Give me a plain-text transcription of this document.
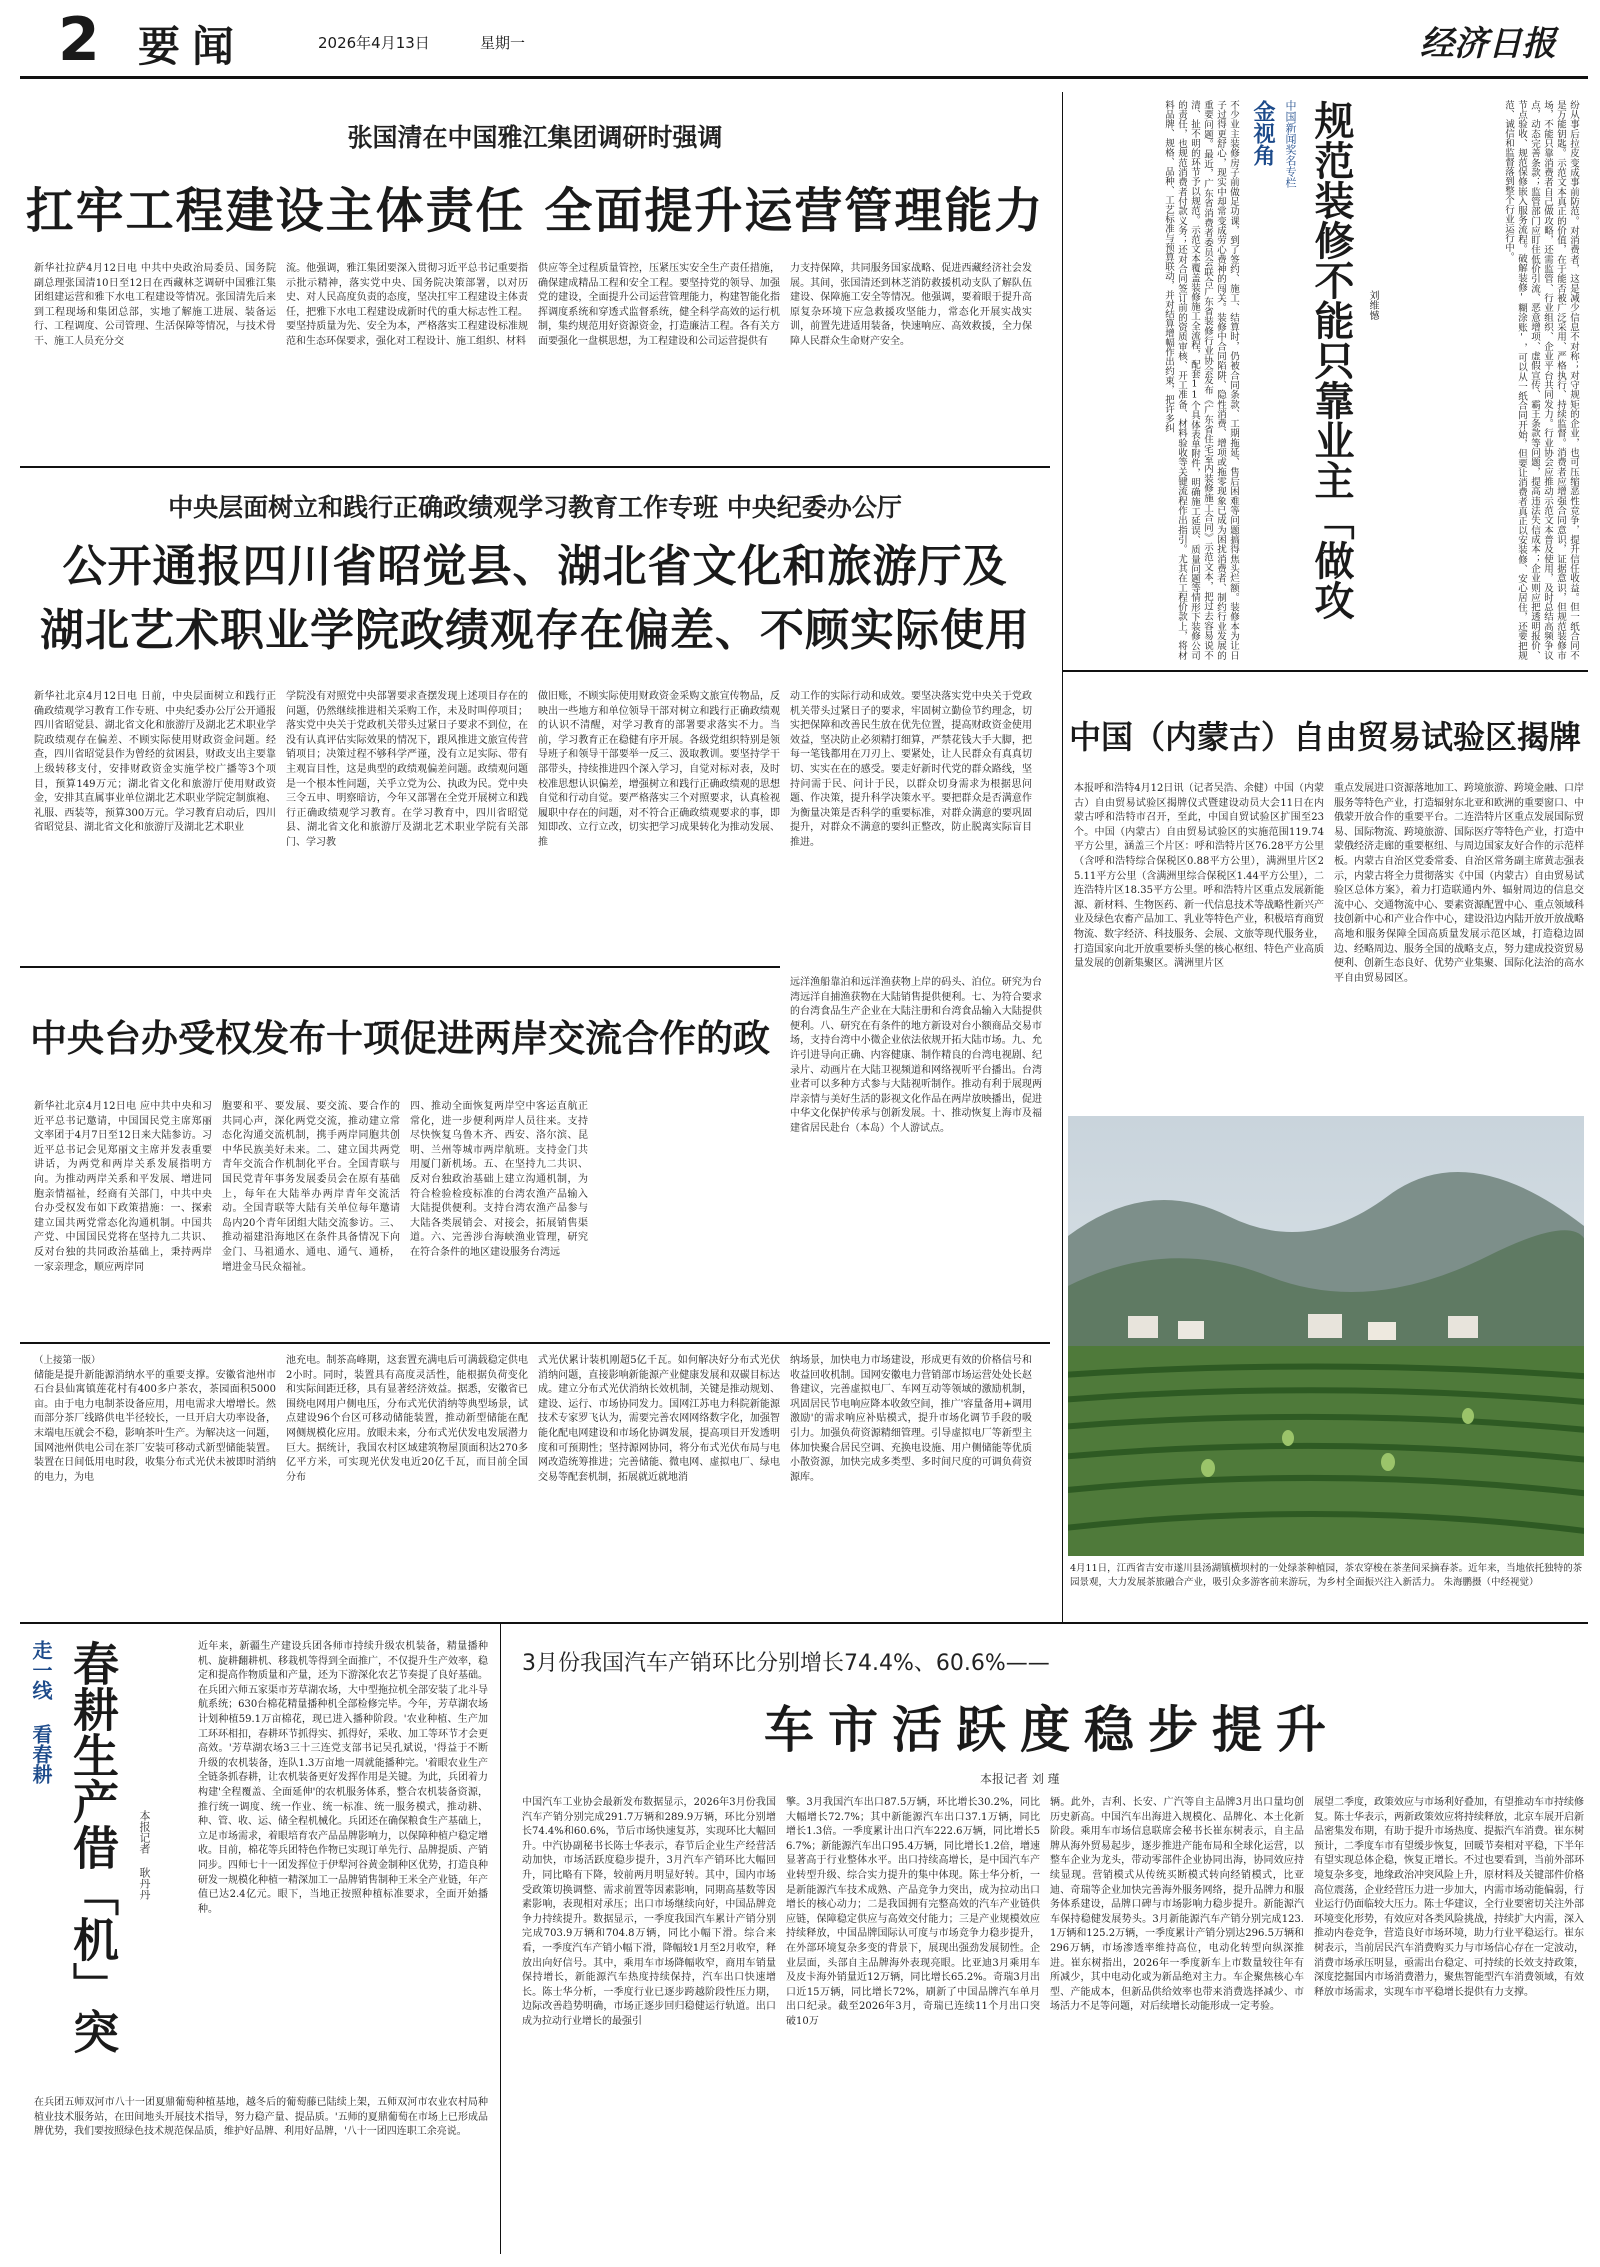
2 要闻	2026年4月13日	星期一	经济日报
张国清在中国雅江集团调研时强调
扛牢工程建设主体责任 全面提升运营管理能力
新华社拉萨4月12日电 中共中央政治局委员、国务院副总理张国清10日至12日在西藏林芝调研中国雅江集团组建运营和雅下水电工程建设等情况。张国清先后来到工程现场和集团总部，实地了解施工进展、装备运行、工程调度、公司管理、生活保障等情况，与技术骨干、施工人员充分交
流。他强调，雅江集团要深入贯彻习近平总书记重要指示批示精神，落实党中央、国务院决策部署，以对历史、对人民高度负责的态度，坚决扛牢工程建设主体责任，把雅下水电工程建设成新时代的重大标志性工程。要坚持质量为先、安全为本，严格落实工程建设标准规范和生态环保要求，强化对工程设计、施工组织、材料
供应等全过程质量管控，压紧压实安全生产责任措施，确保建成精品工程和安全工程。要坚持党的领导、加强党的建设，全面提升公司运营管理能力，构建智能化指挥调度系统和穿透式监督系统，健全科学高效的运行机制，集约规范用好资源资金，打造廉洁工程。各有关方面要强化一盘棋思想，为工程建设和公司运营提供有
力支持保障，共同服务国家战略、促进西藏经济社会发展。其间，张国清还到林芝消防救援机动支队了解队伍建设、保障施工安全等情况。他强调，要着眼于提升高原复杂环境下应急救援攻坚能力，常态化开展实战实训，前置先进适用装备，快速响应、高效救援，全力保障人民群众生命财产安全。
中央层面树立和践行正确政绩观学习教育工作专班 中央纪委办公厅
公开通报四川省昭觉县、湖北省文化和旅游厅及
湖北艺术职业学院政绩观存在偏差、不顾实际使用
新华社北京4月12日电 日前，中央层面树立和践行正确政绩观学习教育工作专班、中央纪委办公厅公开通报四川省昭觉县、湖北省文化和旅游厅及湖北艺术职业学院政绩观存在偏差、不顾实际使用财政资金问题。经查，四川省昭觉县作为曾经的贫困县，财政支出主要靠上级转移支付，安排财政资金实施学校广播等3个项目，预算149万元；湖北省文化和旅游厅使用财政资金，安排其直属事业单位湖北艺术职业学院定制旗袍、礼服、西装等，预算300万元。学习教育启动后，四川省昭觉县、湖北省文化和旅游厅及湖北艺术职业
学院没有对照党中央部署要求查摆发现上述项目存在的问题，仍然继续推进相关采购工作，未及时叫停项目；落实党中央关于党政机关带头过紧日子要求不到位，在没有认真评估实际效果的情况下，跟风推进文旅宣传营销项目；决策过程不够科学严谨，没有立足实际、带有主观盲目性，这是典型的政绩观偏差问题。政绩观问题是一个根本性问题，关乎立党为公、执政为民。党中央三令五申、明察暗访，今年又部署在全党开展树立和践行正确政绩观学习教育。在学习教育中，四川省昭觉县、湖北省文化和旅游厅及湖北艺术职业学院有关部门、学习教
做旧账，不顾实际使用财政资金采购文旅宣传物品，反映出一些地方和单位领导干部对树立和践行正确政绩观的认识不清醒，对学习教育的部署要求落实不力。当前，学习教育正在稳健有序开展。各级党组织特别是领导班子和领导干部要举一反三、汲取教训。要坚持学干部带头，持续推进四个深入学习，自觉对标对表，及时校准思想认识偏差，增强树立和践行正确政绩观的思想自觉和行动自觉。要严格落实三个对照要求，认真检视履职中存在的问题，对不符合正确政绩观要求的事，即知即改、立行立改，切实把学习成果转化为推动发展、推
动工作的实际行动和成效。要坚决落实党中央关于党政机关带头过紧日子的要求，牢固树立勤俭节约理念，切实把保障和改善民生放在优先位置，提高财政资金使用效益，坚决防止必须精打细算，严禁花钱大手大脚，把每一笔钱都用在刀刃上、要紧处，让人民群众有真真切切、实实在在的感受。要走好新时代党的群众路线，坚持问需于民、问计于民，以群众切身需求为根据思问题、作决策，提升科学决策水平。要把群众是否满意作为衡量决策是否科学的重要标准，对群众满意的要巩固提升，对群众不满意的要纠正整改，防止脱离实际盲目推进。
中央台办受权发布十项促进两岸交流合作的政
新华社北京4月12日电 应中共中央和习近平总书记邀请，中国国民党主席郑丽文率团于4月7日至12日来大陆参访。习近平总书记会见郑丽文主席并发表重要讲话，为两党和两岸关系发展指明方向。为推动两岸关系和平发展、增进同胞亲情福祉，经商有关部门，中共中央台办受权发布如下政策措施：一、探索建立国共两党常态化沟通机制。中国共产党、中国国民党将在坚持九二共识、反对台独的共同政治基础上，秉持两岸一家亲理念，顺应两岸同
胞要和平、要发展、要交流、要合作的共同心声，深化两党交流，推动建立常态化沟通交流机制，携手两岸同胞共创中华民族美好未来。二、建立国共两党青年交流合作机制化平台。全国青联与国民党青年事务发展委员会在原有基础上，每年在大陆举办两岸青年交流活动。全国青联等大陆有关单位每年邀请岛内20个青年团组大陆交流参访。三、推动福建沿海地区在条件具备情况下向金门、马祖通水、通电、通气、通桥，增进金马民众福祉。
四、推动全面恢复两岸空中客运直航正常化，进一步便利两岸人员往来。支持尽快恢复乌鲁木齐、西安、洛尔滨、昆明、兰州等城市两岸航班。支持金门共用厦门新机场。五、在坚持九二共识、反对台独政治基础上建立沟通机制，为符合检验检疫标准的台湾农渔产品输入大陆提供便利。支持台湾农渔产品参与大陆各类展销会、对接会，拓展销售渠道。六、完善涉台海峡渔业管理，研究在符合条件的地区建设服务台湾远
远洋渔船靠泊和远洋渔获物上岸的码头、泊位。研究为台湾远洋自捕渔获物在大陆销售提供便利。七、为符合要求的台湾食品生产企业在大陆注册和台湾食品输入大陆提供便利。八、研究在有条件的地方新设对台小额商品交易市场，支持台湾中小微企业依法依规开拓大陆市场。九、允许引进导向正确、内容健康、制作精良的台湾电视剧、纪录片、动画片在大陆卫视频道和网络视听平台播出。台湾业者可以多种方式参与大陆视听制作。推动有利于展现两岸亲情与美好生活的影视文化作品在两岸放映播出，促进中华文化保护传承与创新发展。十、推动恢复上海市及福建省居民赴台（本岛）个人游试点。
（上接第一版）
储能是提升新能源消纳水平的重要支撑。安徽省池州市石台县仙寓镇莲花村有400多户茶农，茶园面积5000亩。由于电力电制茶设备应用，用电需求大增增长。然而部分茶厂线路供电半径较长，一旦开启大功率设备，末端电压就会不稳，影响茶叶生产。为解决这一问题，国网池州供电公司在茶厂安装可移动式新型储能装置。装置在日间低用电时段，收集分布式光伏未被即时消纳的电力，为电
池充电。制茶高峰期，这套置充满电后可满载稳定供电2小时。同时，装置具有高度灵活性，能根据负荷变化和实际间距迁移，具有显著经济效益。据悉，安徽省已围绕电网用户侧电压，分布式光伏消纳等典型场景，试点建设96个台区可移动储能装置，推动新型储能在配网侧规模化应用。放眼未来，分布式光伏发电发展潜力巨大。据统计，我国农村区域建筑物屋顶面积达270多亿平方米，可实现光伏发电近20亿千瓦，而目前全国分布
式光伏累计装机刚超5亿千瓦。如何解决好分布式光伏消纳问题，直接影响新能源产业健康发展和双碳目标达成。建立分布式光伏消纳长效机制，关键是推动规划、建设、运行、市场协同发力。国网江苏电力科院新能源技术专家罗飞认为，需要完善农网网络数字化，加强智能化配电网建设和市场化协调发展，提高项目开发透明度和可预期性；坚持源网协同，将分布式光伏布局与电网改造统筹推进；完善储能、微电网、虚拟电厂、绿电交易等配套机制，拓展就近就地消
纳场景，加快电力市场建设，形成更有效的价格信号和收益回收机制。国网安徽电力营销部市场运营处处长赵鲁建议，完善虚拟电厂、车网互动等领域的激励机制，巩固居民节电响应降本收敛空间，推广'容量备用+调用激励'的需求响应补贴模式，提升市场化调节手段的吸引力。加强负荷资源精细管理。引导虚拟电厂等新型主体加快聚合居民空调、充换电设施、用户侧储能等优质小散资源，加快完成多类型、多时间尺度的可调负荷资源库。
不少业主装修房子前做足功课，到了签约、施工、结算时，仍被合同条款、工期拖延、售后困难等问题搞得焦头烂额。装修本为让日子过得更舒心，现实中却常变成劳心费神的闯关。装修中合同陷阱、隐性消费、增项或拖零现象已成为困扰消费者、制约行业发展的重要问题。最近，广东省消费者委员会联合广东省装修行业协会发布《广东省住宅室内装修施工合同》示范文本，把过去容易说不清、扯不明的环节予以规范。示范文本覆盖装修施工全流程，配套11个具体表单附件，明确施工延误、质量问题等情形下装修公司的责任，也规范消费者付款义务；还对合同签订前的资质审核、开工准备、材料验收等关键流程作出指引。尤其在工程价款上，将材料品牌、规格、品种、工艺标准与预算联动，并对结算增幅作出约束，把许多纠	金视角 中国新闻奖名专栏 规范装修不能只靠业主「做攻
刘维憾	纷从事后拉皮变成事前防范。对消费者，这是减少信息不对称；对守规矩的企业，也可压缩恶性竞争，提升信任收益。但一纸合同不是万能钥匙。示范文本真正的价值，在于能否被广泛采用、严格执行、持续监督。消费者应增强合同意识，证据意识，但规范装修市场，不能只靠消费者自己做攻略，还需监管、行业组织、企业平台共同发力。行业协会应推动示范文本普及使用，及时总结高频争议点，动态完善条款；监管部门应盯住低价引流、恶意增项、虚假宣传、霸王条款等问题，提高违法失信成本；企业则应把透明报价、节点验收、规范保修嵌入服务流程。破解装修'糊涂账'，可以从一纸合同开始，但要让消费者真正以安装修、安心居住，还要把规范、诚信和监督落到整个行业运行中。
中国（内蒙古）自由贸易试验区揭牌
本报呼和浩特4月12日讯（记者吴浩、余健）中国（内蒙古）自由贸易试验区揭牌仪式暨建设动员大会11日在内蒙古呼和浩特市召开，至此，中国自贸试验区扩围至23个。中国（内蒙古）自由贸易试验区的实施范围119.74平方公里，涵盖三个片区：呼和浩特片区76.28平方公里（含呼和浩特综合保税区0.88平方公里），满洲里片区25.11平方公里（含满洲里综合保税区1.44平方公里），二连浩特片区18.35平方公里。呼和浩特片区重点发展新能源、新材料、生物医药、新一代信息技术等战略性新兴产业及绿色农畜产品加工、乳业等特色产业，积极培育商贸物流、数字经济、科技服务、会展、文旅等现代服务业，打造国家向北开放重要桥头堡的核心枢纽、特色产业高质量发展的创新集聚区。满洲里片区
重点发展进口资源落地加工、跨境旅游、跨境金融、口岸服务等特色产业，打造辐射东北亚和欧洲的重要窗口、中俄蒙开放合作的重要平台。二连浩特片区重点发展国际贸易、国际物流、跨境旅游、国际医疗等特色产业，打造中蒙俄经济走廊的重要枢纽、与周边国家友好合作的示范样板。内蒙古自治区党委常委、自治区常务副主席黄志强表示，内蒙古将全力贯彻落实《中国（内蒙古）自由贸易试验区总体方案》，着力打造联通内外、辐射周边的信息交流中心、交通物流中心、要素资源配置中心、重点领域科技创新中心和产业合作中心，建设沿边内陆开放开放战略高地和服务保障全国高质量发展示范区域，打造稳边固边、经略周边、服务全国的战略支点，努力建成投资贸易便利、创新生态良好、优势产业集聚、国际化法治的高水平自由贸易园区。
4月11日，江西省吉安市遂川县汤湖镇横坝村的一处绿茶种植园，茶农穿梭在茶垄间采摘春茶。近年来，当地依托独特的茶园景观，大力发展茶旅融合产业，吸引众多游客前来游玩，为乡村全面振兴注入新活力。 朱海鹏摄（中经视觉）
走一线 看春耕 春耕生产借「机」突
本报记者 耿丹丹
近年来，新疆生产建设兵团各师市持续升级农机装备，精量播种机、旋耕翻耕机、移栽机等得到全面推广，不仅提升生产效率，稳定和提高作物质量和产量，还为下游深化农艺节奏提了良好基础。在兵团六师五家渠市芳草湖农场，大中型拖拉机全部安装了北斗导航系统；630台棉花精量播种机全部检修完毕。今年，芳草湖农场计划种植59.1万亩棉花，现已进入播种阶段。'农业种植、生产加工环环相扣，春耕环节抓得实、抓得好，采收、加工等环节才会更高效。'芳草湖农场3三十三连党支部书记吴孔斌说，'得益于不断升级的农机装备，连队1.3万亩地一周就能播种完。'着眼农业生产全链条抓春耕，让农机装备更好发挥作用是关键。为此，兵团着力构建'全程覆盖、全面延伸'的农机服务体系，整合农机装备资源，推行统一调度、统一作业、统一标准、统一服务模式，推动耕、种、管、收、运、储全程机械化。兵团还在确保粮食生产基础上，立足市场需求，着眼培育农产品品牌影响力，以保障种植户稳定增收。目前，棉花等兵团特色作物已实现订单先行、品牌提质、产销同步。四师七十一团发挥位于伊犁河谷黄金制种区优势，打造良种研发一规模化种植一精深加工一品牌销售制种王米全产业链，年产值已达2.4亿元。眼下，当地正按照种植标准要求，全面开始播种。
在兵团五师双河市八十一团夏鼎葡萄种植基地，越冬后的葡萄藤已陆续上架，五师双河市农业农村局种植业技术服务站，在田间地头开展技术指导，努力稳产量、提品质。'五师的夏鼎葡萄在市场上已形成品牌优势，我们要按照绿色技术规范保品质，维护好品牌、利用好品牌，'八十一团四连职工余亮说。
3月份我国汽车产销环比分别增长74.4%、60.6%——
车市活跃度稳步提升
本报记者 刘 瑾
中国汽车工业协会最新发布数据显示，2026年3月份我国汽车产销分别完成291.7万辆和289.9万辆，环比分别增长74.4%和60.6%，节后市场快速复苏，实现环比大幅回升。中汽协副秘书长陈士华表示，春节后企业生产经营活动加快，市场活跃度稳步提升，3月汽车产销环比大幅回升，同比略有下降，较前两月明显好转。其中，国内市场受政策切换调整、需求前置等因素影响，同期高基数等因素影响，表现相对承压；出口市场继续向好，中国品牌竞争力持续提升。数据显示，一季度我国汽车累计产销分别完成703.9万辆和704.8万辆，同比小幅下滑。综合来看，一季度汽车产销小幅下滑，降幅较1月至2月收窄，释放出向好信号。其中，乘用车市场降幅收窄，商用车销量保持增长，新能源汽车热度持续保持，汽车出口快速增长。陈士华分析，一季度行业已逐步跨越阶段性压力期，边际改善趋势明确，市场正逐步回归稳健运行轨道。出口成为拉动行业增长的最强引
擎。3月我国汽车出口87.5万辆，环比增长30.2%，同比大幅增长72.7%；其中新能源汽车出口37.1万辆，同比增长1.3倍。一季度累计出口汽车222.6万辆，同比增长56.7%；新能源汽车出口95.4万辆，同比增长1.2倍，增速显著高于行业整体水平。出口持续高增长，是中国汽车产业转型升级、综合实力提升的集中体现。陈士华分析，一是新能源汽车技术成熟、产品竞争力突出，成为拉动出口增长的核心动力；二是我国拥有完整高效的汽车产业链供应链，保障稳定供应与高效交付能力；三是产业规模效应持续释放，中国品牌国际认可度与市场竞争力稳步提升，在外部环境复杂多变的背景下，展现出强劲发展韧性。企业层面，头部自主品牌海外表现亮眼。比亚迪3月乘用车及皮卡海外销量近12万辆，同比增长65.2%。奇瑞3月出口近15万辆，同比增长72%，刷新了中国品牌汽车单月出口纪录。截至2026年3月，奇瑞已连续11个月出口突破10万
辆。此外，吉利、长安、广汽等自主品牌3月出口量均创历史新高。中国汽车出海进入规模化、品牌化、本土化新阶段。乘用车市场信息联席会秘书长崔东树表示，自主品牌从海外贸易起步，逐步推进产能布局和全球化运营，以整车企业为龙头，带动零部件企业协同出海，协同效应持续显现。营销模式从传统买断模式转向经销模式，比亚迪、奇瑞等企业加快完善海外服务网络，提升品牌力和服务体系建设，品牌口碑与市场影响力稳步提升。新能源汽车保持稳健发展势头。3月新能源汽车产销分别完成123.1万辆和125.2万辆，一季度累计产销分别达296.5万辆和296万辆，市场渗透率维持高位，电动化转型向纵深推进。崔东树指出，2026年一季度新车上市数量较往年有所减少，其中电动化或为新品绝对主力。车企聚焦核心车型、产能成本，但新品供给效率也带来消费选择减少、市场活力不足等问题，对后续增长动能形成一定考验。
展望二季度，政策效应与市场利好叠加，有望推动车市持续修复。陈士华表示，两新政策效应将持续释放，北京车展开启新品密集发布期，有助于提升市场热度、提振汽车消费。崔东树预计，二季度车市有望缓步恢复，回暖节奏相对平稳，下半年有望实现总体企稳，恢复正增长。不过也要看到，当前外部环境复杂多变，地缘政治冲突风险上升，原材料及关键部件价格高位震荡，企业经营压力进一步加大，内需市场动能偏弱，行业运行仍面临较大压力。陈士华建议，全行业要密切关注外部环境变化形势，有效应对各类风险挑战，持续扩大内需，深入推动内卷竞争，营造良好市场环境，助力行业平稳运行。崔东树表示，当前居民汽车消费购买力与市场信心存在一定波动，消费市场承压明显，亟需出台稳定、可持续的长效支持政策，深度挖掘国内市场消费潜力，聚焦智能型汽车消费领域，有效释放市场需求，实现车市平稳增长提供有力支撑。
